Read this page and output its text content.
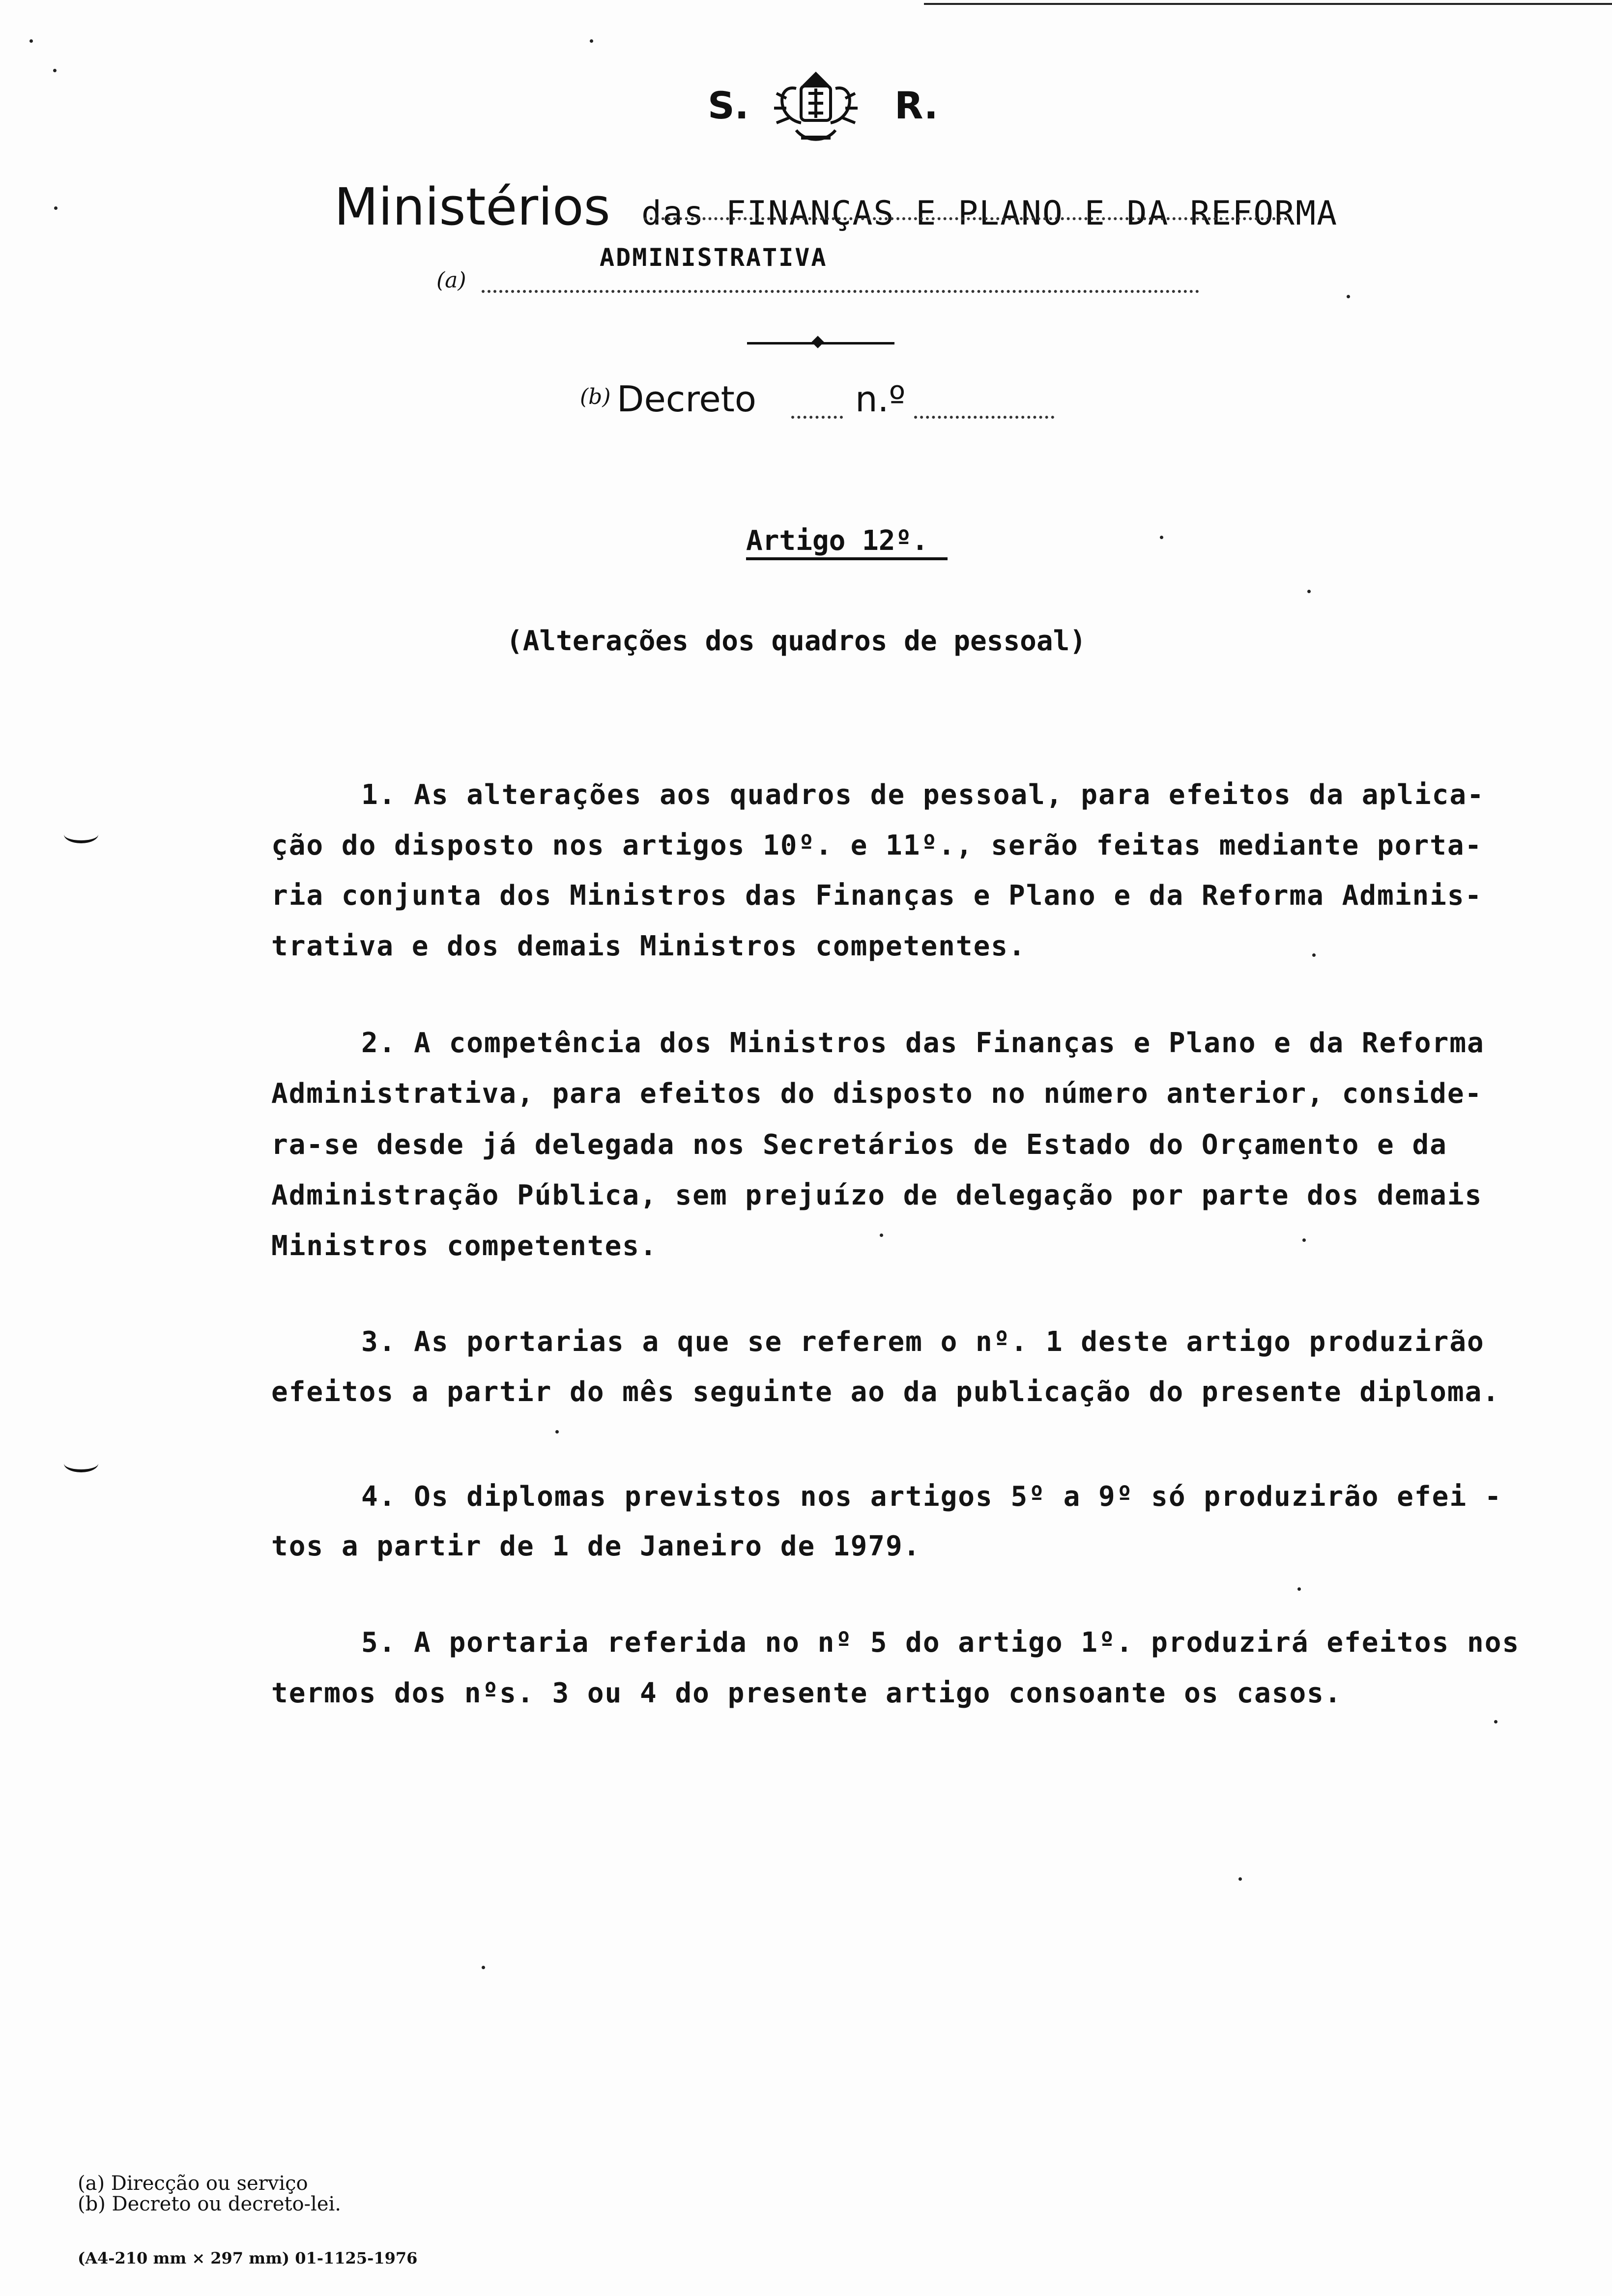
S.	R.
Ministérios das FINANÇAS E PLANO E DA REFORMA
ADMINISTRATIVA
(a)
(b) Decreto	n.º
Artigo 12º.
(Alterações dos quadros de pessoal)
1. As alterações aos quadros de pessoal, para efeitos da aplica-
ção do disposto nos artigos 10º. e 11º., serão feitas mediante porta-
ria conjunta dos Ministros das Finanças e Plano e da Reforma Adminis-
trativa e dos demais Ministros competentes.
2. A competência dos Ministros das Finanças e Plano e da Reforma
Administrativa, para efeitos do disposto no número anterior, conside-
ra-se desde já delegada nos Secretários de Estado do Orçamento e da
Administração Pública, sem prejuízo de delegação por parte dos demais
Ministros competentes.
3. As portarias a que se referem o nº. 1 deste artigo produzirão
efeitos a partir do mês seguinte ao da publicação do presente diploma.
4. Os diplomas previstos nos artigos 5º a 9º só produzirão efei -
tos a partir de 1 de Janeiro de 1979.
5. A portaria referida no nº 5 do artigo 1º. produzirá efeitos nos
termos dos nºs. 3 ou 4 do presente artigo consoante os casos.
(a) Direcção ou serviço
(b) Decreto ou decreto-lei.
(A4-210 mm × 297 mm) 01-1125-1976
